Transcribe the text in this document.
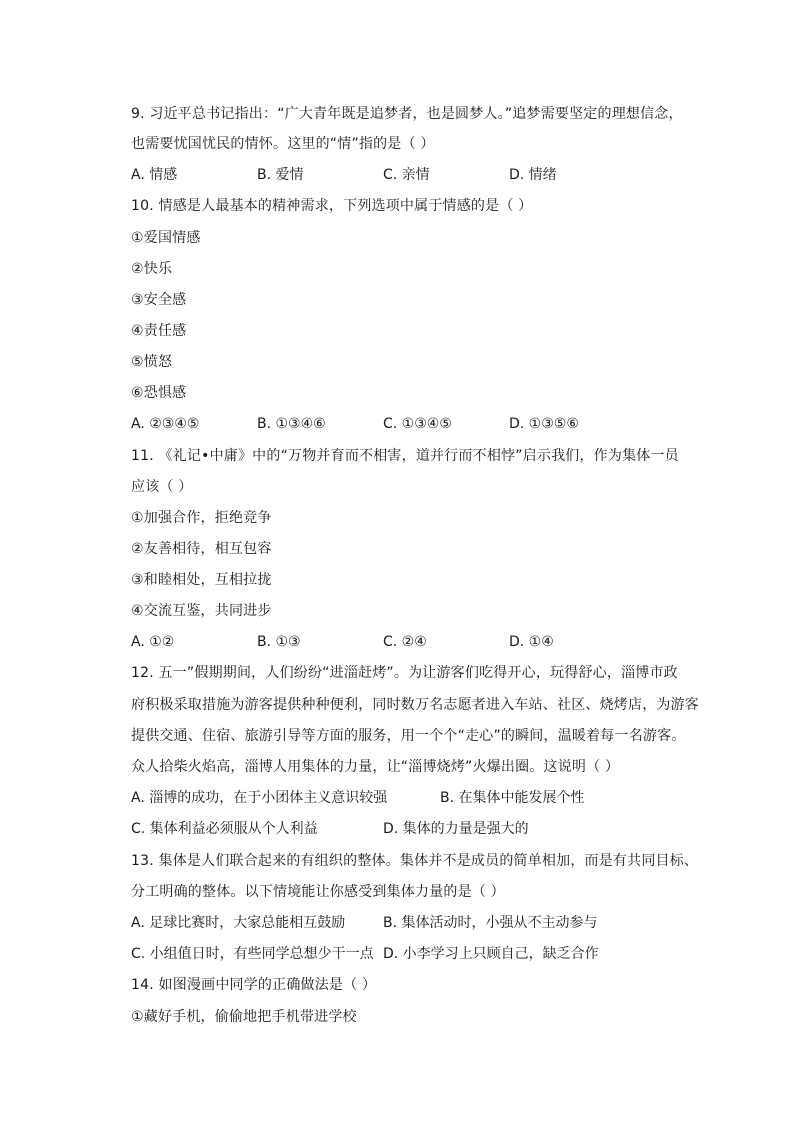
9. 习近平总书记指出：“广大青年既是追梦者，也是圆梦人。”追梦需要坚定的理想信念，
也需要忧国忧民的情怀。这里的“情”指的是（ ）
A. 情感	B. 爱情	C. 亲情	D. 情绪
10. 情感是人最基本的精神需求，下列选项中属于情感的是（ ）
①爱国情感
②快乐
③安全感
④责任感
⑤愤怒
⑥恐惧感
A. ②③④⑤	B. ①③④⑥	C. ①③④⑤	D. ①③⑤⑥
11. 《礼记•中庸》中的“万物并育而不相害，道并行而不相悖”启示我们，作为集体一员
应该（ ）
①加强合作，拒绝竞争
②友善相待，相互包容
③和睦相处，互相拉拢
④交流互鉴，共同进步
A. ①②	B. ①③	C. ②④	D. ①④
12. 五一”假期期间，人们纷纷“进淄赶烤”。为让游客们吃得开心，玩得舒心，淄博市政
府积极采取措施为游客提供种种便利，同时数万名志愿者进入车站、社区、烧烤店，为游客
提供交通、住宿、旅游引导等方面的服务，用一个个“走心”的瞬间，温暖着每一名游客。
众人拾柴火焰高，淄博人用集体的力量，让“淄博烧烤”火爆出圈。这说明（ ）
A. 淄博的成功，在于小团体主义意识较强	B. 在集体中能发展个性
C. 集体利益必须服从个人利益	D. 集体的力量是强大的
13. 集体是人们联合起来的有组织的整体。集体并不是成员的简单相加，而是有共同目标、
分工明确的整体。以下情境能让你感受到集体力量的是（ ）
A. 足球比赛时，大家总能相互鼓励	B. 集体活动时，小强从不主动参与
C. 小组值日时，有些同学总想少干一点 D. 小李学习上只顾自己，缺乏合作
14. 如图漫画中同学的正确做法是（ ）
①藏好手机，偷偷地把手机带进学校
